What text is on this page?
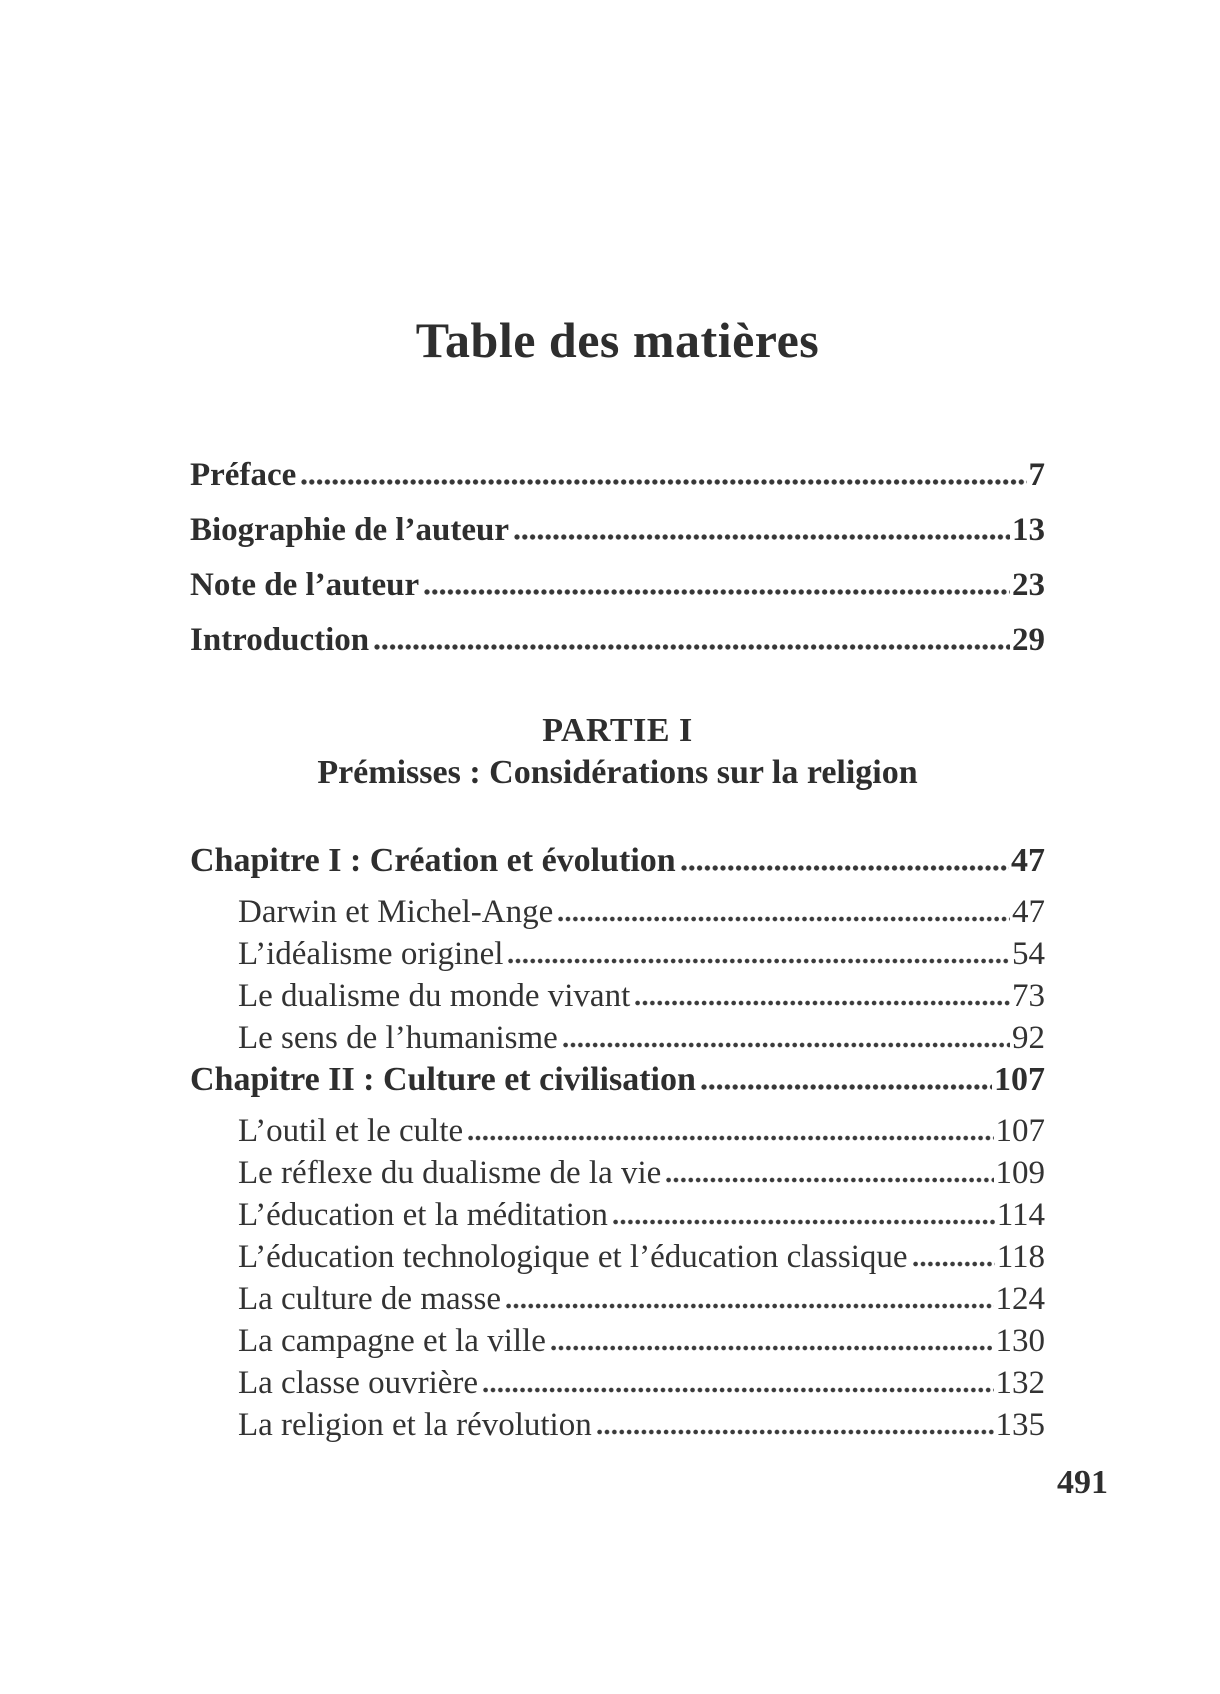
Table des matières
Préface	7
Biographie de l’auteur	13
Note de l’auteur	23
Introduction	29
PARTIE I
Prémisses : Considérations sur la religion
Chapitre I : Création et évolution	47
Darwin et Michel-Ange	47
L’idéalisme originel	54
Le dualisme du monde vivant	73
Le sens de l’humanisme	92
Chapitre II : Culture et civilisation	107
L’outil et le culte	107
Le réflexe du dualisme de la vie	109
L’éducation et la méditation	114
L’éducation technologique et l’éducation classique	118
La culture de masse	124
La campagne et la ville	130
La classe ouvrière	132
La religion et la révolution	135
491
